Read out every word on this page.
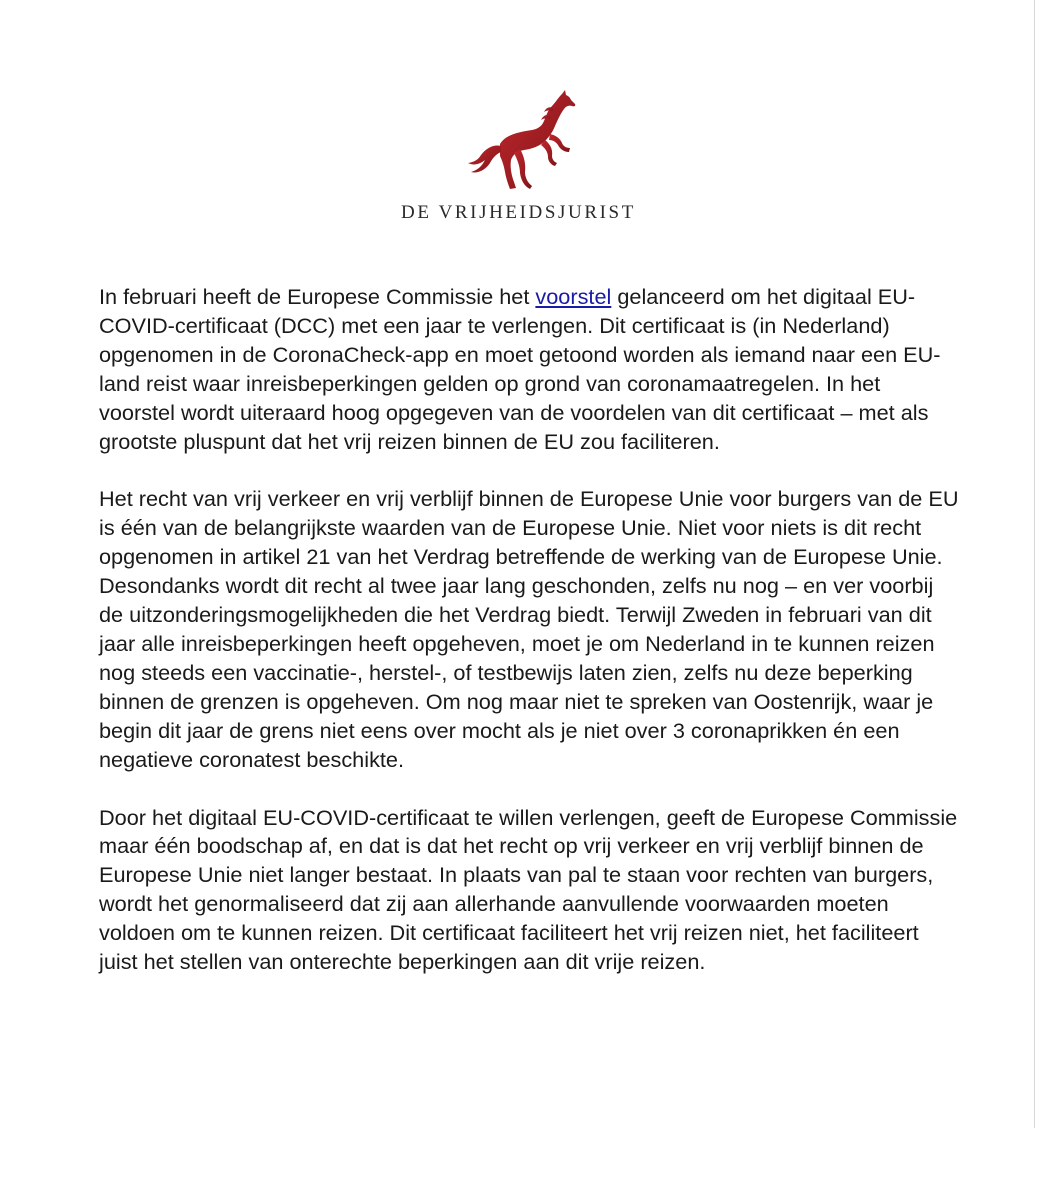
DE VRIJHEIDSJURIST

In februari heeft de Europese Commissie het voorstel gelanceerd om het digitaal EU-COVID-certificaat (DCC) met een jaar te verlengen. Dit certificaat is (in Nederland) opgenomen in de CoronaCheck-app en moet getoond worden als iemand naar een EU-land reist waar inreisbeperkingen gelden op grond van coronamaatregelen. In het voorstel wordt uiteraard hoog opgegeven van de voordelen van dit certificaat – met als grootste pluspunt dat het vrij reizen binnen de EU zou faciliteren.

Het recht van vrij verkeer en vrij verblijf binnen de Europese Unie voor burgers van de EU is één van de belangrijkste waarden van de Europese Unie. Niet voor niets is dit recht opgenomen in artikel 21 van het Verdrag betreffende de werking van de Europese Unie. Desondanks wordt dit recht al twee jaar lang geschonden, zelfs nu nog – en ver voorbij de uitzonderingsmogelijkheden die het Verdrag biedt. Terwijl Zweden in februari van dit jaar alle inreisbeperkingen heeft opgeheven, moet je om Nederland in te kunnen reizen nog steeds een vaccinatie-, herstel-, of testbewijs laten zien, zelfs nu deze beperking binnen de grenzen is opgeheven. Om nog maar niet te spreken van Oostenrijk, waar je begin dit jaar de grens niet eens over mocht als je niet over 3 coronaprikken én een negatieve coronatest beschikte.

Door het digitaal EU-COVID-certificaat te willen verlengen, geeft de Europese Commissie maar één boodschap af, en dat is dat het recht op vrij verkeer en vrij verblijf binnen de Europese Unie niet langer bestaat. In plaats van pal te staan voor rechten van burgers, wordt het genormaliseerd dat zij aan allerhande aanvullende voorwaarden moeten voldoen om te kunnen reizen. Dit certificaat faciliteert het vrij reizen niet, het faciliteert juist het stellen van onterechte beperkingen aan dit vrije reizen.
